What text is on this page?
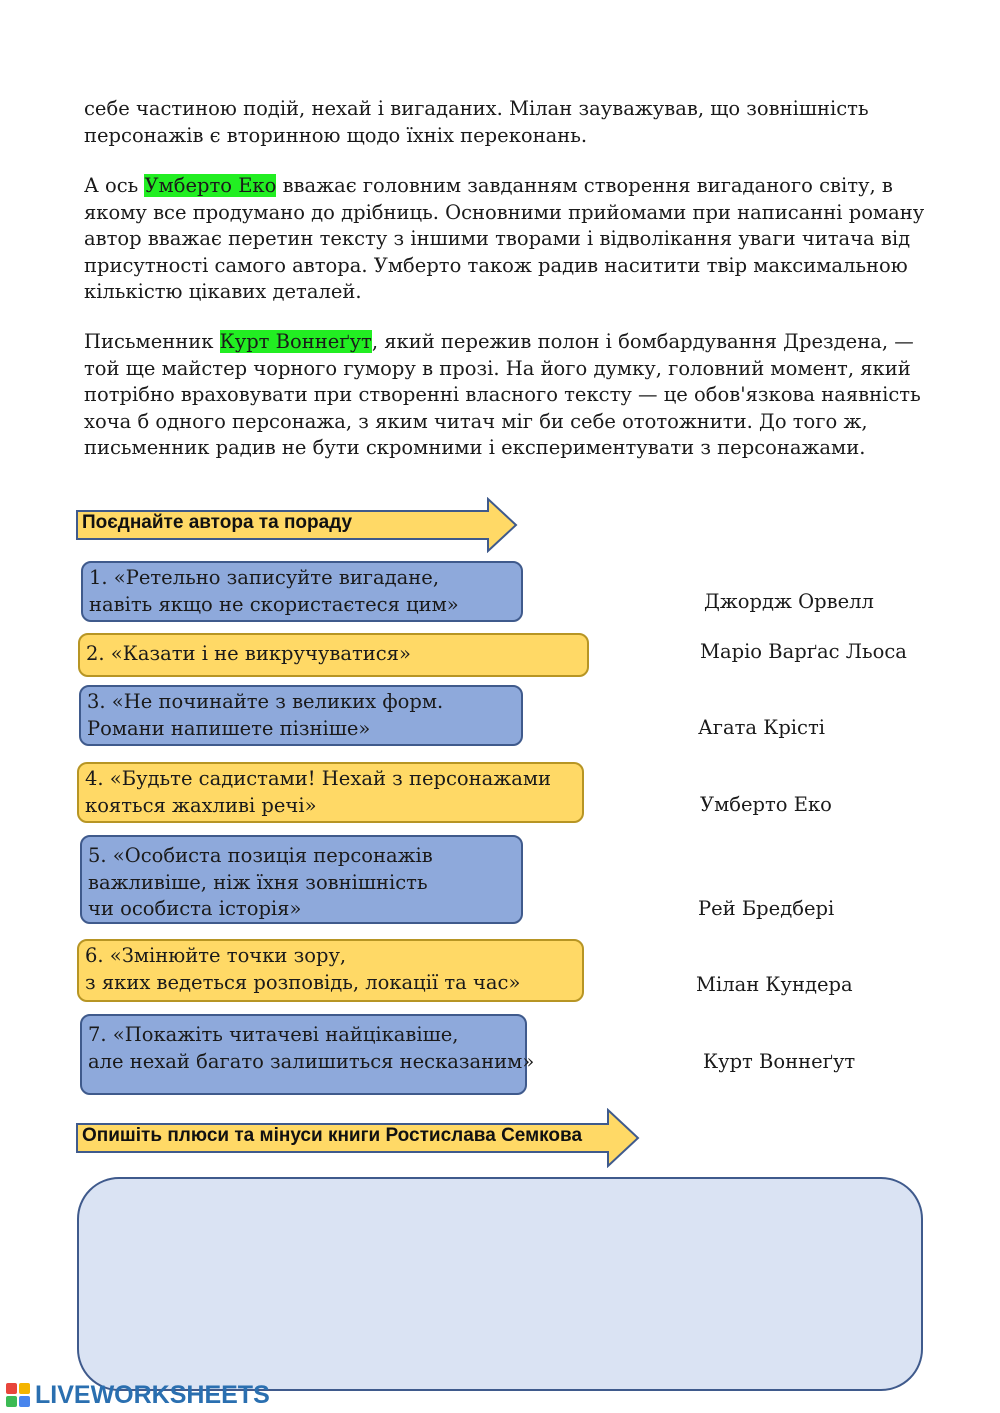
себе частиною подій, нехай і вигаданих. Мілан зауважував, що зовнішність
персонажів є вторинною щодо їхніх переконань.
А ось Умберто Еко вважає головним завданням створення вигаданого світу, в
якому все продумано до дрібниць. Основними прийомами при написанні роману
автор вважає перетин тексту з іншими творами і відволікання уваги читача від
присутності самого автора. Умберто також радив наситити твір максимальною
кількістю цікавих деталей.
Письменник Курт Воннеґут, який пережив полон і бомбардування Дрездена, —
той ще майстер чорного гумору в прозі. На його думку, головний момент, який
потрібно враховувати при створенні власного тексту — це обов'язкова наявність
хоча б одного персонажа, з яким читач міг би себе ототожнити. До того ж,
письменник радив не бути скромними і експериментувати з персонажами.
Поєднайте автора та пораду
1. «Ретельно записуйте вигадане,
навіть якщо не скористаєтеся цим»
2. «Казати і не викручуватися»
3. «Не починайте з великих форм.
Романи напишете пізніше»
4. «Будьте садистами! Нехай з персонажами
кояться жахливі речі»
5. «Особиста позиція персонажів
важливіше, ніж їхня зовнішність
чи особиста історія»
6. «Змінюйте точки зору,
з яких ведеться розповідь, локації та час»
7. «Покажіть читачеві найцікавіше,
але нехай багато залишиться несказаним»
Джордж Орвелл
Маріо Варґас Льоса
Агата Крісті
Умберто Еко
Рей Бредбері
Мілан Кундера
Курт Воннеґут
Опишіть плюси та мінуси книги Ростислава Семкова
LIVEWORKSHEETS
